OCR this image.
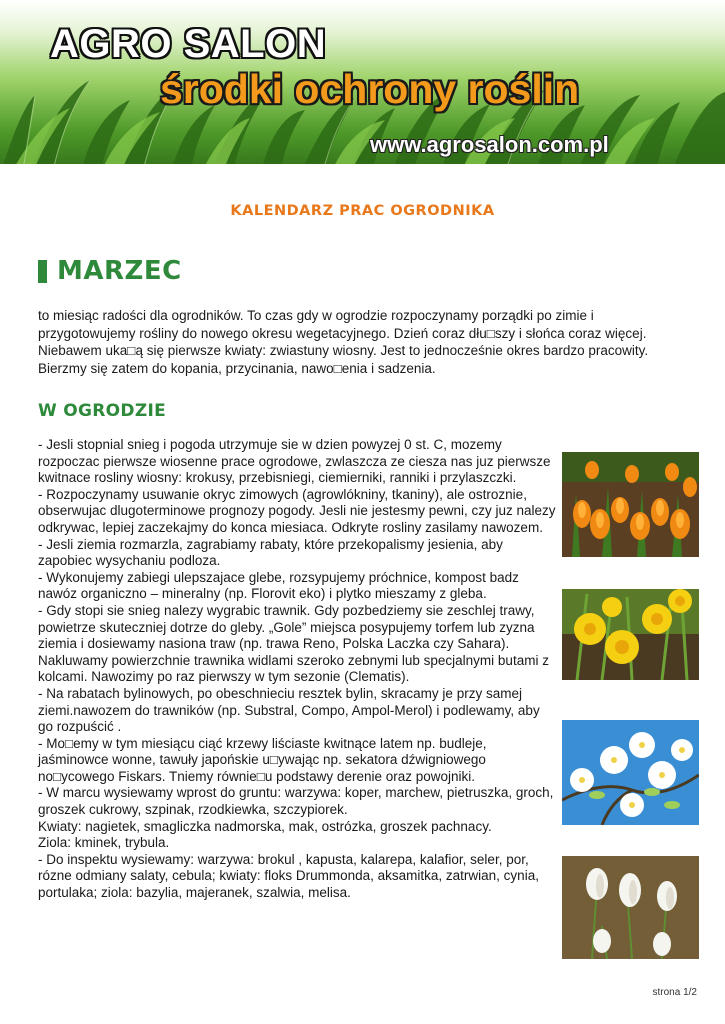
AGRO SALON
środki ochrony roślin
www.agrosalon.com.pl
KALENDARZ PRAC OGRODNIKA
MARZEC
to miesiąc radości dla ogrodników. To czas gdy w ogrodzie rozpoczynamy porządki po zimie i przygotowujemy rośliny do nowego okresu wegetacyjnego. Dzień coraz dłu□szy i słońca coraz więcej. Niebawem uka□ą się pierwsze kwiaty: zwiastuny wiosny. Jest to jednocześnie okres bardzo pracowity. Bierzmy się zatem do kopania, przycinania, nawo□enia i sadzenia.
W OGRODZIE

- Jesli stopnial snieg i pogoda utrzymuje sie w dzien powyzej 0 st. C, mozemy rozpoczac pierwsze wiosenne prace ogrodowe, zwlaszcza ze ciesza nas juz pierwsze kwitnace rosliny wiosny: krokusy, przebisniegi, ciemierniki, ranniki i przylaszczki.

- Rozpoczynamy usuwanie okryc zimowych (agrowlókniny, tkaniny), ale ostroznie, obserwujac dlugoterminowe prognozy pogody. Jesli nie jestesmy pewni, czy juz nalezy odkrywac, lepiej zaczekajmy do konca miesiaca. Odkryte rosliny zasilamy nawozem.

- Jesli ziemia rozmarzla, zagrabiamy rabaty, które przekopalismy jesienia, aby zapobiec wysychaniu podloza.

- Wykonujemy zabiegi ulepszajace glebe, rozsypujemy próchnice, kompost badz nawóz organiczno – mineralny (np. Florovit eko) i plytko mieszamy z gleba.

- Gdy stopi sie snieg nalezy wygrabic trawnik. Gdy pozbedziemy sie zeschlej trawy, powietrze skuteczniej dotrze do gleby. „Gole” miejsca posypujemy torfem lub zyzna ziemia i dosiewamy nasiona traw (np. trawa Reno, Polska Laczka czy Sahara). Nakluwamy powierzchnie trawnika widlami szeroko zebnymi lub specjalnymi butami z kolcami. Nawozimy po raz pierwszy w tym sezonie (Clematis).

- Na rabatach bylinowych, po obeschnieciu resztek bylin, skracamy je przy samej ziemi.nawozem do trawników (np. Substral, Compo, Ampol-Merol) i podlewamy, aby go rozpuścić .

- Mo□emy w tym miesiącu ciąć krzewy liściaste kwitnące latem np. budleje, jaśminowce wonne, tawuły japońskie u□ywając np. sekatora dźwigniowego no□ycowego Fiskars. Tniemy równie□u podstawy derenie oraz powojniki.

- W marcu wysiewamy wprost do gruntu: warzywa: koper, marchew, pietruszka, groch, groszek cukrowy, szpinak, rzodkiewka, szczypiorek.

Kwiaty: nagietek, smagliczka nadmorska, mak, ostrózka, groszek pachnacy.

Ziola: kminek, trybula.

- Do inspektu wysiewamy: warzywa: brokul , kapusta, kalarepa, kalafior, seler, por, rózne odmiany salaty, cebula; kwiaty: floks Drummonda, aksamitka, zatrwian, cynia, portulaka; ziola: bazylia, majeranek, szalwia, melisa.

strona 1/2
